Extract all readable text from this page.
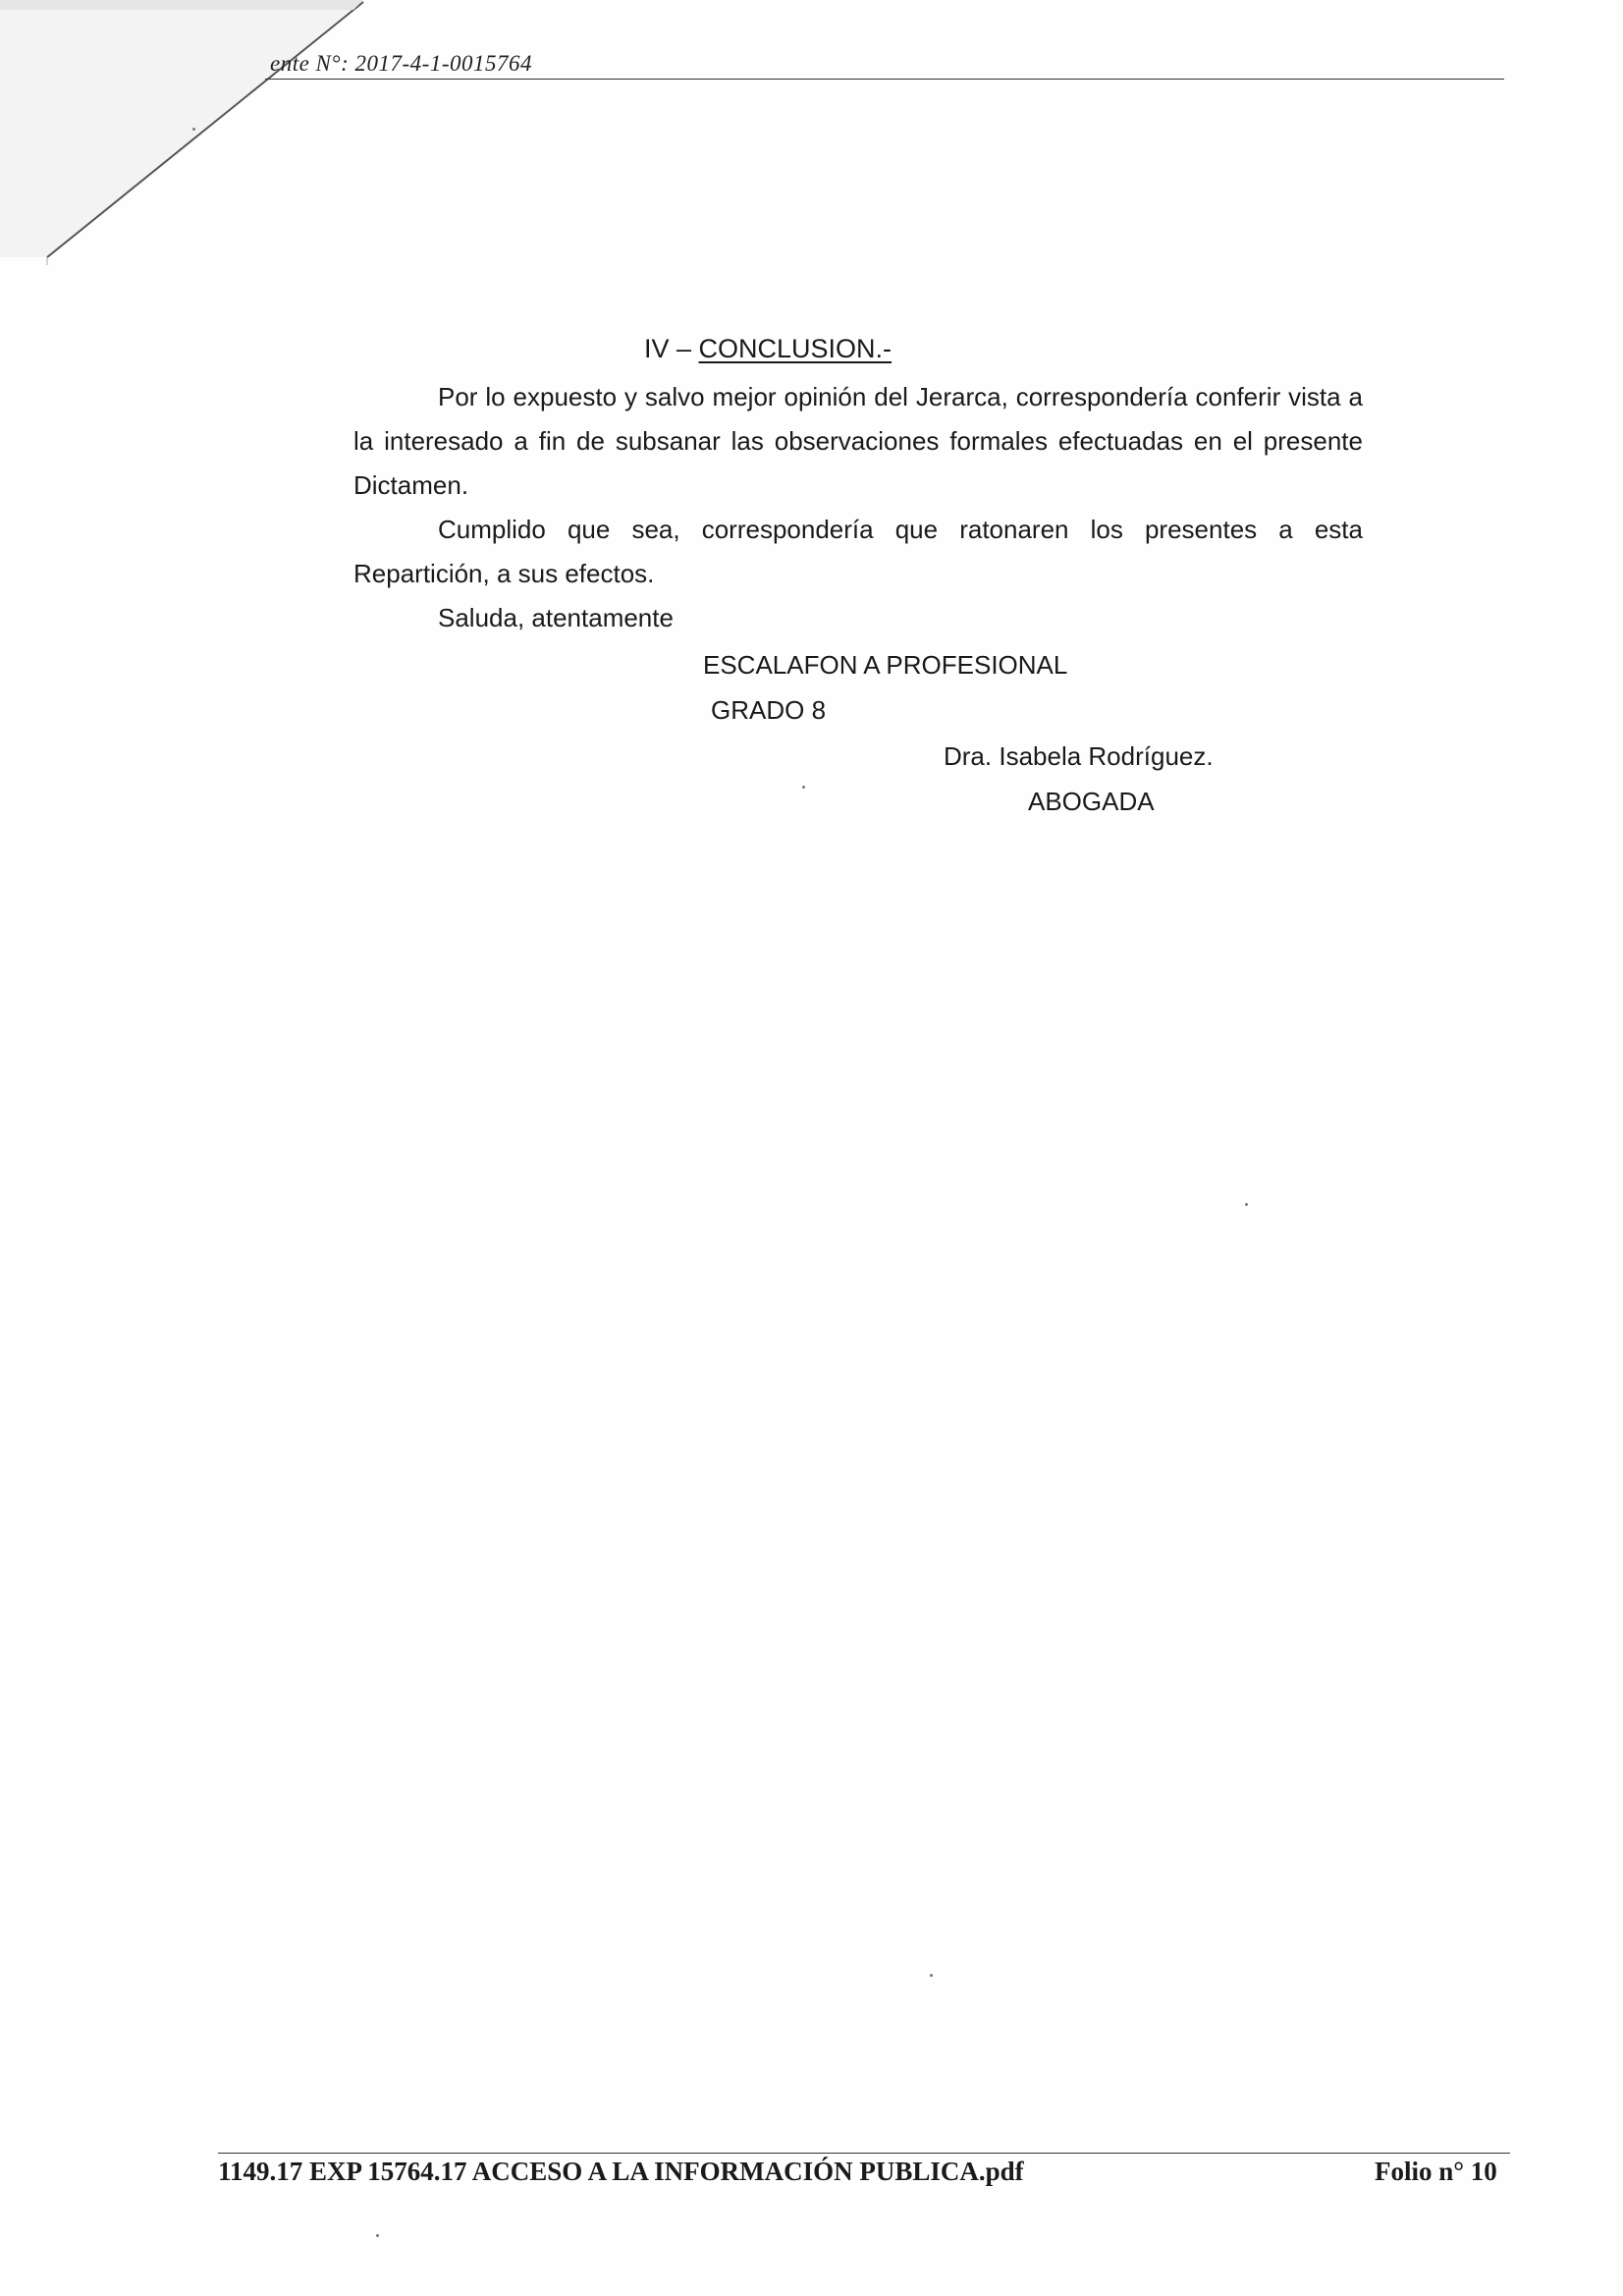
ente N°: 2017-4-1-0015764
IV – CONCLUSION.-

Por lo expuesto y salvo mejor opinión del Jerarca, correspondería conferir vista a la interesado a fin de subsanar las observaciones formales efectuadas en el presente Dictamen.

Cumplido que sea, correspondería que ratonaren los presentes a esta Repartición, a sus efectos.

Saluda, atentamente
ESCALAFON A PROFESIONAL
GRADO 8
Dra. Isabela Rodríguez.
ABOGADA
1149.17 EXP 15764.17 ACCESO A LA INFORMACIÓN PUBLICA.pdf	Folio n° 10
